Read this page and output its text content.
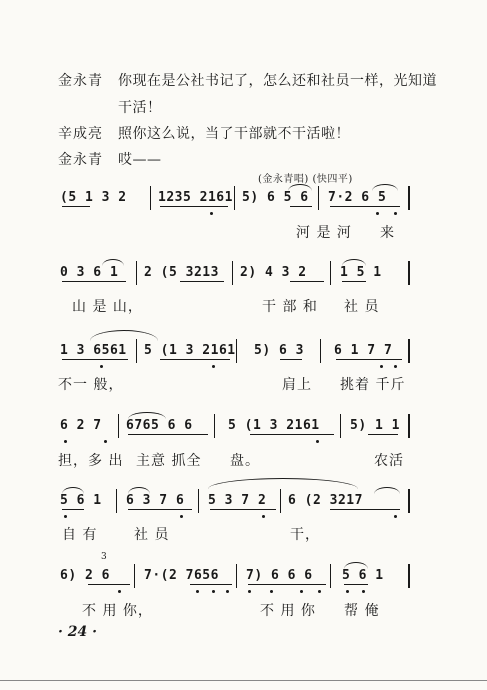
金永青 你现在是公社书记了，怎么还和社员一样，光知道
干活！
辛成亮 照你这么说，当了干部就不干活啦！
金永青 哎——
(金永青唱) (快四平)
(5 1 3 2 1235 2161 5) 6 5 6 7·2 6 5
河 是 河 来
0 3 6 1 2 (5 3213 2) 4 3 2	1 5 1
山 是 山，	干 部 和 社 员
1 3 6561 5 (1 3 2161 5) 6 3 6 1 7 7
不一 般，	肩上 挑着 千斤
6 2 7 6765 6 6	5 (1 3 2161 5) 1 1
担，多 出 主意 抓全 盘。	农活
5 6 1 6 3 7 6 5 3 7 2 6 (2 3217
自 有	社 员	干，
3
6) 2 6	7·(2 7656 7) 6 6 6 5 6 1
不 用 你，	不 用 你 帮 俺
· 24 ·
